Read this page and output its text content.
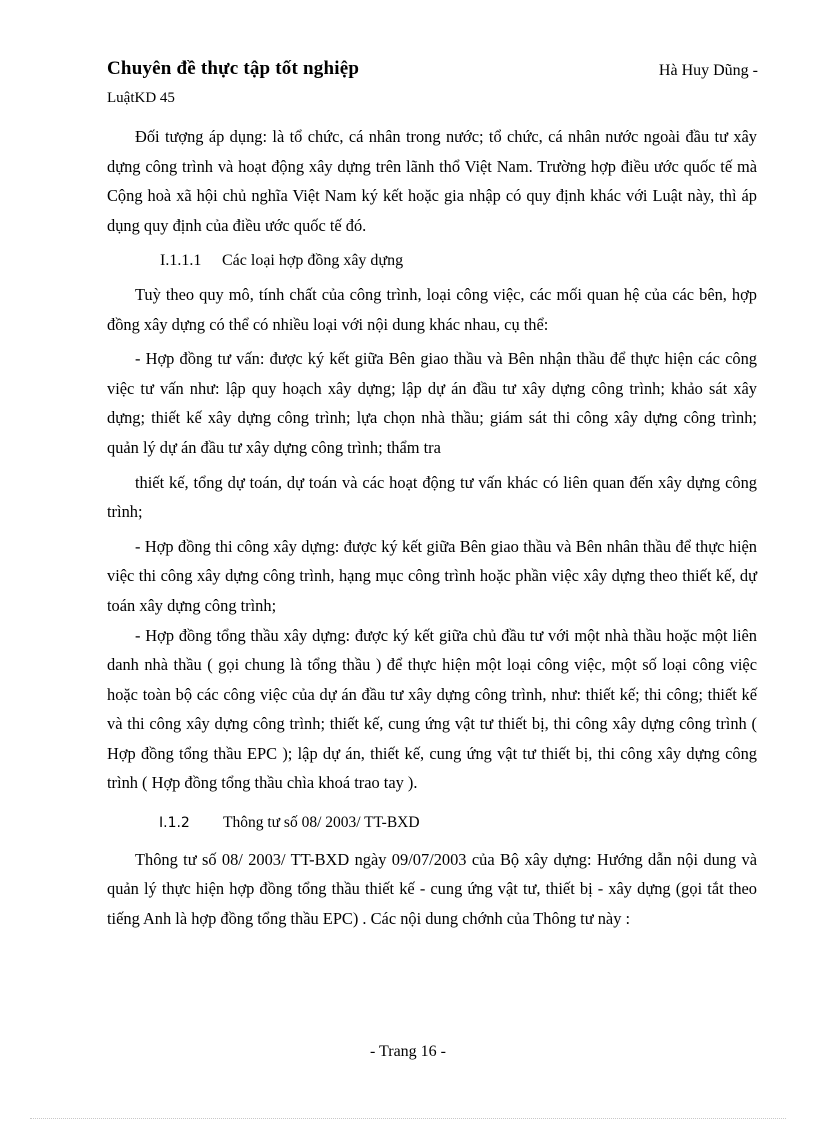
Chuyên đề thực tập tốt nghiệp	Hà Huy Dũng -
LuậtKD 45

Đối tượng áp dụng: là tổ chức, cá nhân trong nước; tổ chức, cá nhân nước ngoài đầu tư xây dựng công trình và hoạt động xây dựng trên lãnh thổ Việt Nam. Trường hợp điều ước quốc tế mà Cộng hoà xã hội chủ nghĩa Việt Nam ký kết hoặc gia nhập có quy định khác với Luật này, thì áp dụng quy định của điều ước quốc tế đó.

I.1.1.1 Các loại hợp đồng xây dựng

Tuỳ theo quy mô, tính chất của công trình, loại công việc, các mối quan hệ của các bên, hợp đồng xây dựng có thể có nhiều loại với nội dung khác nhau, cụ thể:

- Hợp đồng tư vấn: được ký kết giữa Bên giao thầu và Bên nhận thầu để thực hiện các công việc tư vấn như: lập quy hoạch xây dựng; lập dự án đầu tư xây dựng công trình; khảo sát xây dựng; thiết kế xây dựng công trình; lựa chọn nhà thầu; giám sát thi công xây dựng công trình; quản lý dự án đầu tư xây dựng công trình; thẩm tra

thiết kế, tổng dự toán, dự toán và các hoạt động tư vấn khác có liên quan đến xây dựng công trình;

- Hợp đồng thi công xây dựng: được ký kết giữa Bên giao thầu và Bên nhân thầu để thực hiện việc thi công xây dựng công trình, hạng mục công trình hoặc phần việc xây dựng theo thiết kế, dự toán xây dựng công trình;

- Hợp đồng tổng thầu xây dựng: được ký kết giữa chủ đầu tư với một nhà thầu hoặc một liên danh nhà thầu ( gọi chung là tổng thầu ) để thực hiện một loại công việc, một số loại công việc hoặc toàn bộ các công việc của dự án đầu tư xây dựng công trình, như: thiết kế; thi công; thiết kế và thi công xây dựng công trình; thiết kế, cung ứng vật tư thiết bị, thi công xây dựng công trình ( Hợp đồng tổng thầu EPC ); lập dự án, thiết kế, cung ứng vật tư thiết bị, thi công xây dựng công trình ( Hợp đồng tổng thầu chìa khoá trao tay ).

I.1.2 Thông tư số 08/ 2003/ TT-BXD

Thông tư số 08/ 2003/ TT-BXD ngày 09/07/2003 của Bộ xây dựng: Hướng dẫn nội dung và quản lý thực hiện hợp đồng tổng thầu thiết kế - cung ứng vật tư, thiết bị - xây dựng (gọi tắt theo tiếng Anh là hợp đồng tổng thầu EPC) . Các nội dung chớnh của Thông tư này :

- Trang 16 -
